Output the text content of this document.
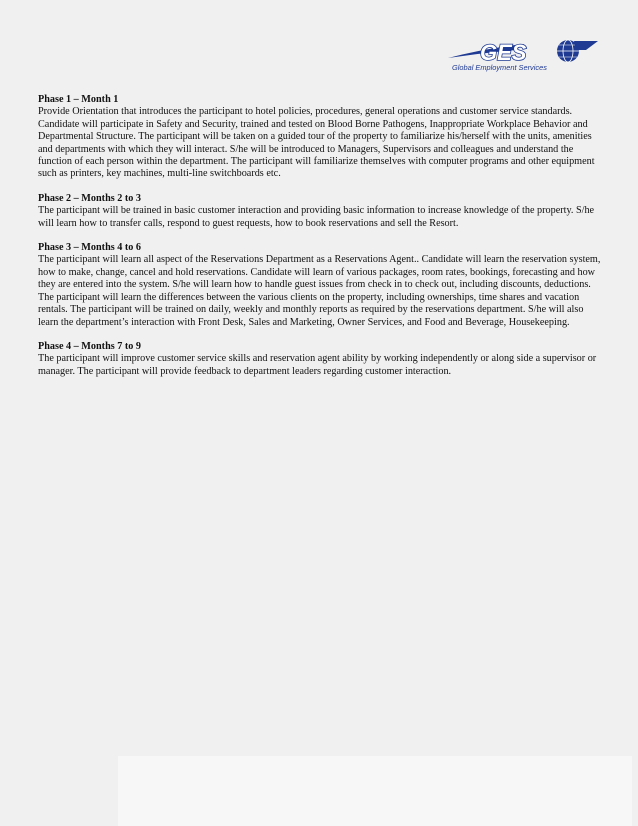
GES
Global Employment Services

Phase 1 – Month 1

Provide Orientation that introduces the participant to hotel policies, procedures, general operations and customer service standards. Candidate will participate in Safety and Security, trained and tested on Blood Borne Pathogens, Inappropriate Workplace Behavior and Departmental Structure. The participant will be taken on a guided tour of the property to familiarize his/herself with the units, amenities and departments with which they will interact. S/he will be introduced to Managers, Supervisors and colleagues and understand the function of each person within the department. The participant will familiarize themselves with computer programs and other equipment such as printers, key machines, multi-line switchboards etc.

Phase 2 – Months 2 to 3

The participant will be trained in basic customer interaction and providing basic information to increase knowledge of the property. S/he will learn how to transfer calls, respond to guest requests, how to book reservations and sell the Resort.

Phase 3 – Months 4 to 6

The participant will learn all aspect of the Reservations Department as a Reservations Agent.. Candidate will learn the reservation system, how to make, change, cancel and hold reservations. Candidate will learn of various packages, room rates, bookings, forecasting and how they are entered into the system. S/he will learn how to handle guest issues from check in to check out, including discounts, deductions. The participant will learn the differences between the various clients on the property, including ownerships, time shares and vacation rentals. The participant will be trained on daily, weekly and monthly reports as required by the reservations department. S/he will also learn the department’s interaction with Front Desk, Sales and Marketing, Owner Services, and Food and Beverage, Housekeeping.

Phase 4 – Months 7 to 9

The participant will improve customer service skills and reservation agent ability by working independently or along side a supervisor or manager. The participant will provide feedback to department leaders regarding customer interaction.
